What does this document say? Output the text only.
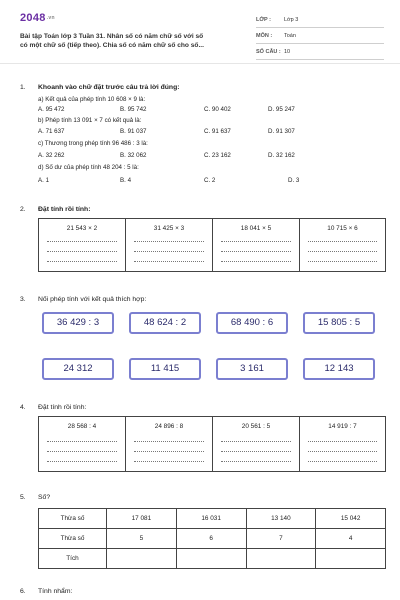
2048.vn
Bài tập Toán lớp 3 Tuần 31. Nhân số có năm chữ số với số
có một chữ số (tiếp theo). Chia số có năm chữ số cho số...
LỚP : Lớp 3
MÔN : Toán
SỐ CÂU : 10
1. Khoanh vào chữ đặt trước câu trả lời đúng:
a) Kết quả của phép tính 10 608 × 9 là:
A. 95 472	B. 95 742	C. 90 402	D. 95 247
b) Phép tính 13 091 × 7 có kết quả là:
A. 71 637	B. 91 037	C. 91 637	D. 91 307
c) Thương trong phép tính 96 486 : 3 là:
A. 32 262	B. 32 062	C. 23 162	D. 32 162
d) Số dư của phép tính 48 204 : 5 là:
A. 1	B. 4	C. 2	D. 3
2. Đặt tính rồi tính:
21 543 × 2	31 425 × 3	18 041 × 5	10 715 × 6
3. Nối phép tính với kết quả thích hợp:
36 429 : 3	48 624 : 2	68 490 : 6	15 805 : 5
24 312	11 415	3 161	12 143
4. Đặt tính rồi tính:
28 568 : 4	24 896 : 8	20 561 : 5	14 919 : 7
5. Số?
Thừa số	17 081	16 031	13 140	15 042
Thừa số	5	6	7	4
Tích				
6. Tính nhẩm:
